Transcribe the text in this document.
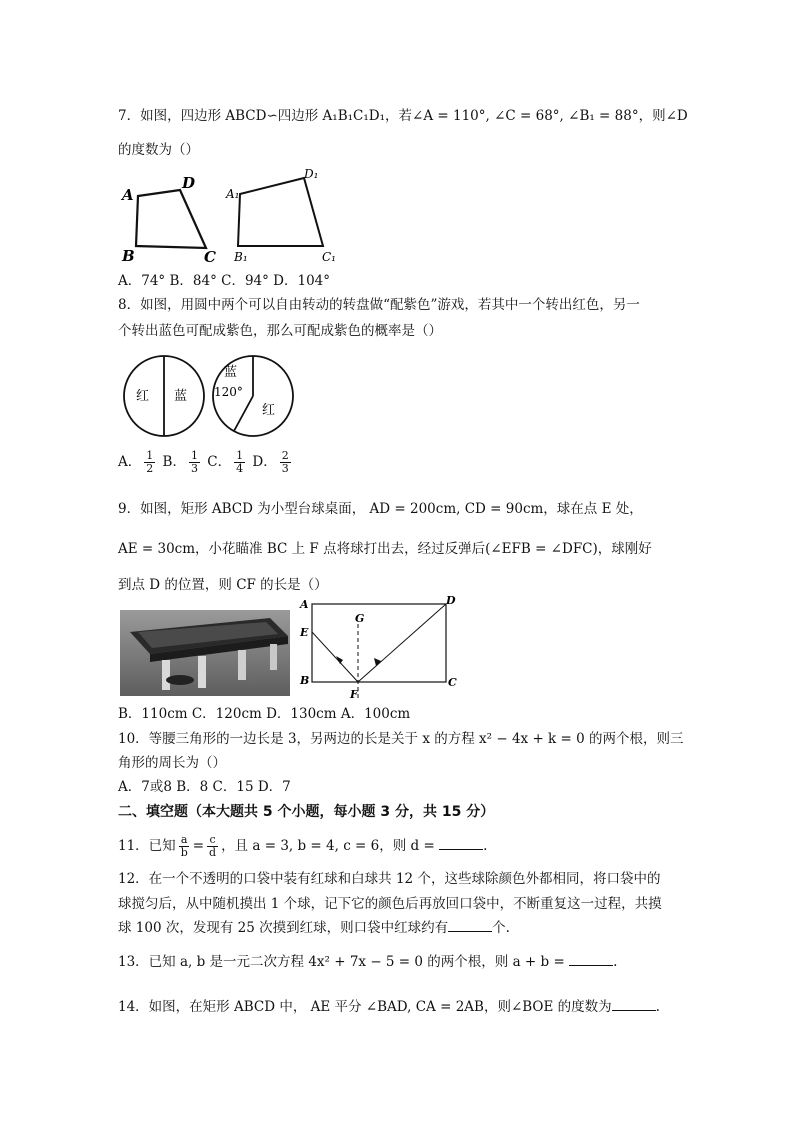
7．如图，四边形 ABCD∽四边形 A₁B₁C₁D₁，若∠A = 110°, ∠C = 68°, ∠B₁ = 88°，则∠D
的度数为（）
A
D
B	C
A₁
D₁
B₁	C₁
A．74° B．84° C．94° D．104°
8．如图，用圆中两个可以自由转动的转盘做“配紫色”游戏，若其中一个转出红色，另一
个转出蓝色可配成紫色，那么可配成紫色的概率是（）
红 蓝
蓝
120°
红
A． $\frac{1}{2}$ B． $\frac{1}{3}$ C． $\frac{1}{4}$ D． $\frac{2}{3}$
9．如图，矩形 ABCD 为小型台球桌面， AD = 200cm, CD = 90cm，球在点 E 处，
AE = 30cm，小花瞄准 BC 上 F 点将球打出去，经过反弹后(∠EFB = ∠DFC)，球刚好
到点 D 的位置，则 CF 的长是（）
A	D
E
G
B	C
F
B．110cm C．120cm D．130cm A．100cm
10．等腰三角形的一边长是 3，另两边的长是关于 x 的方程 x² − 4x + k = 0 的两个根，则三
角形的周长为（）
A．7或8 B．8 C．15 D．7
二、填空题（本大题共 5 个小题，每小题 3 分，共 15 分）
11．已知 $\frac{a}{b} = \frac{c}{d}$ ，且 a = 3, b = 4, c = 6，则 d =	.
12．在一个不透明的口袋中装有红球和白球共 12 个，这些球除颜色外都相同，将口袋中的
球搅匀后，从中随机摸出 1 个球，记下它的颜色后再放回口袋中，不断重复这一过程，共摸
球 100 次，发现有 25 次摸到红球，则口袋中红球约有	个.
13．已知 a, b 是一元二次方程 4x² + 7x − 5 = 0 的两个根，则 a + b =	.
14．如图，在矩形 ABCD 中， AE 平分 ∠BAD, CA = 2AB，则∠BOE 的度数为	.
